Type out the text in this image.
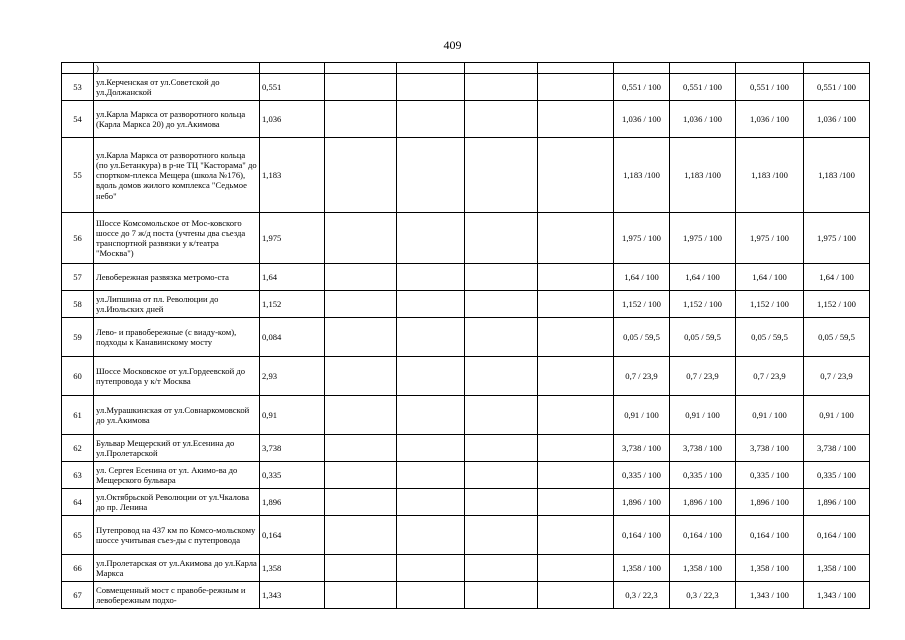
409
	)									
53	ул.Керченская от ул.Советской до ул.Должанской	0,551					0,551 / 100	0,551 / 100	0,551 / 100	0,551 / 100
54	ул.Карла Маркса от разворотного кольца (Карла Маркса 20) до ул.Акимова	1,036					1,036 / 100	1,036 / 100	1,036 / 100	1,036 / 100
55	ул.Карла Маркса от разворотного кольца (по ул.Бетанкура) в р-не ТЦ "Касторама" до спортком-плекса Мещера (школа №176), вдоль домов жилого комплекса "Седьмое небо"	1,183					1,183 /100	1,183 /100	1,183 /100	1,183 /100
56	Шоссе Комсомольское от Мос-ковского шоссе до 7 ж/д поста (учтены два съезда транспортной развязки у к/театра "Москва")	1,975					1,975 / 100	1,975 / 100	1,975 / 100	1,975 / 100
57	Левобережная развязка метромо-ста	1,64					1,64 / 100	1,64 / 100	1,64 / 100	1,64 / 100
58	ул.Липшина от пл. Революции до ул.Июльских дней	1,152					1,152 / 100	1,152 / 100	1,152 / 100	1,152 / 100
59	Лево- и правобережные (с виаду-ком), подходы к Канавинскому мосту	0,084					0,05 / 59,5	0,05 / 59,5	0,05 / 59,5	0,05 / 59,5
60	Шоссе Московское от ул.Гордеевской до путепровода у к/т Москва	2,93					0,7 / 23,9	0,7 / 23,9	0,7 / 23,9	0,7 / 23,9
61	ул.Мурашкинская от ул.Совнаркомовской до ул.Акимова	0,91					0,91 / 100	0,91 / 100	0,91 / 100	0,91 / 100
62	Бульвар Мещерский от ул.Есенина до ул.Пролетарской	3,738					3,738 / 100	3,738 / 100	3,738 / 100	3,738 / 100
63	ул. Сергея Есенина от ул. Акимо-ва до Мещерского бульвара	0,335					0,335 / 100	0,335 / 100	0,335 / 100	0,335 / 100
64	ул.Октябрьской Революции от ул.Чкалова до пр. Ленина	1,896					1,896 / 100	1,896 / 100	1,896 / 100	1,896 / 100
65	Путепровод на 437 км по Комсо-мольскому шоссе учитывая съез-ды с путепровода	0,164					0,164 / 100	0,164 / 100	0,164 / 100	0,164 / 100
66	ул.Пролетарская от ул.Акимова до ул.Карла Маркса	1,358					1,358 / 100	1,358 / 100	1,358 / 100	1,358 / 100
67	Совмещенный мост с правобе-режным и левобережным подхо-	1,343					0,3 / 22,3	0,3 / 22,3	1,343 / 100	1,343 / 100
